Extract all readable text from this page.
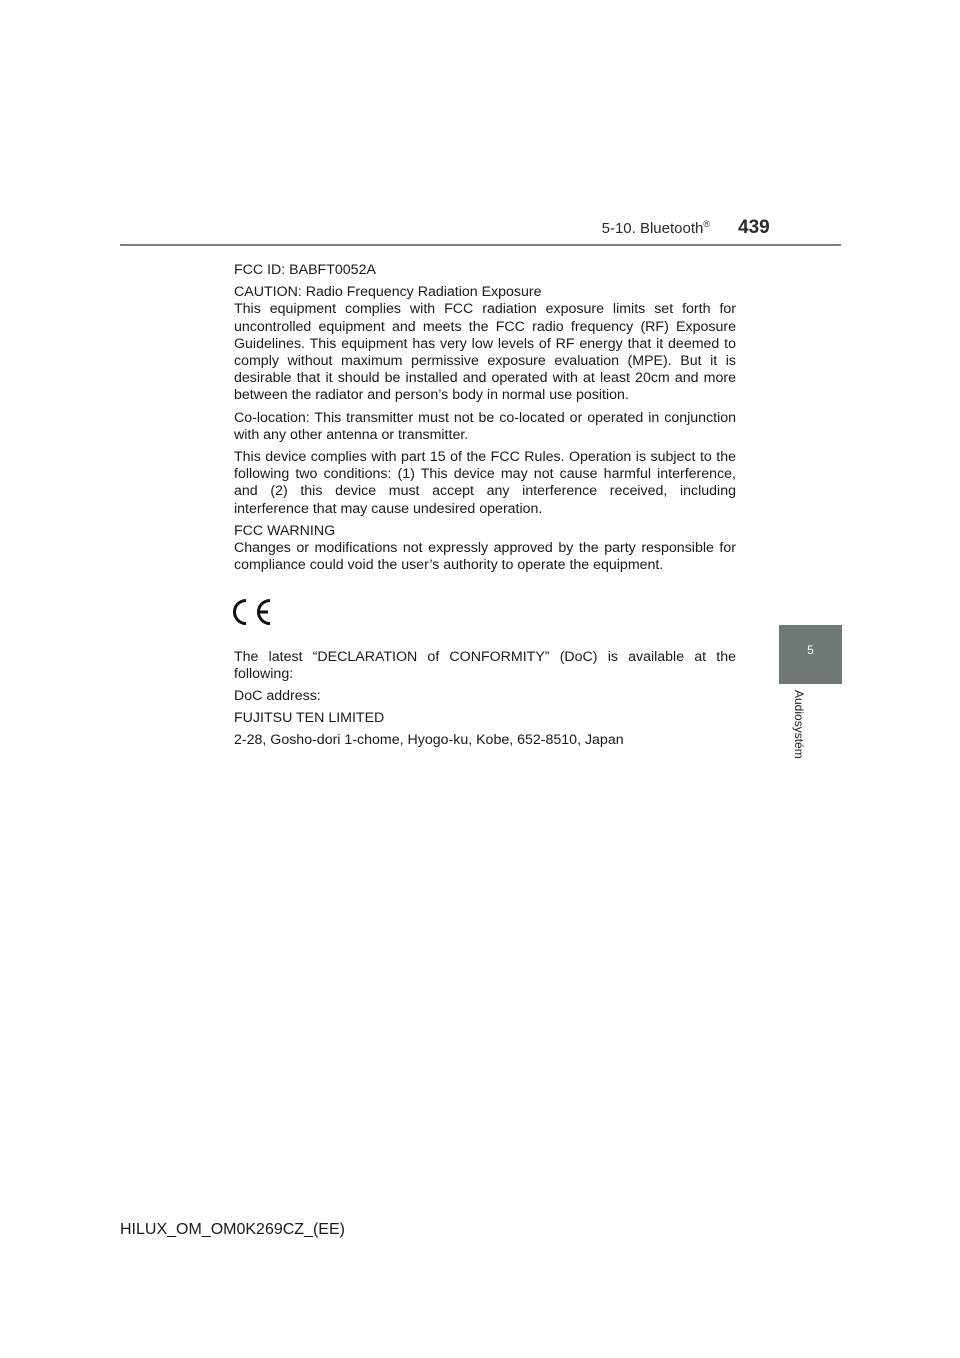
5-10. Bluetooth® 439
5
Audiosystém

FCC ID: BABFT0052A

CAUTION: Radio Frequency Radiation Exposure
This equipment complies with FCC radiation exposure limits set forth for uncontrolled equipment and meets the FCC radio frequency (RF) Exposure Guidelines. This equipment has very low levels of RF energy that it deemed to comply without maximum permissive exposure evaluation (MPE). But it is desirable that it should be installed and operated with at least 20cm and more between the radiator and person’s body in normal use position.

Co-location: This transmitter must not be co-located or operated in conjunction with any other antenna or transmitter.

This device complies with part 15 of the FCC Rules. Operation is subject to the following two conditions: (1) This device may not cause harmful interference, and (2) this device must accept any interference received, including interference that may cause undesired operation.

FCC WARNING
Changes or modifications not expressly approved by the party responsible for compliance could void the user’s authority to operate the equipment.

The latest “DECLARATION of CONFORMITY” (DoC) is available at the following:

DoC address:

FUJITSU TEN LIMITED

2-28, Gosho-dori 1-chome, Hyogo-ku, Kobe, 652-8510, Japan

HILUX_OM_OM0K269CZ_(EE)
